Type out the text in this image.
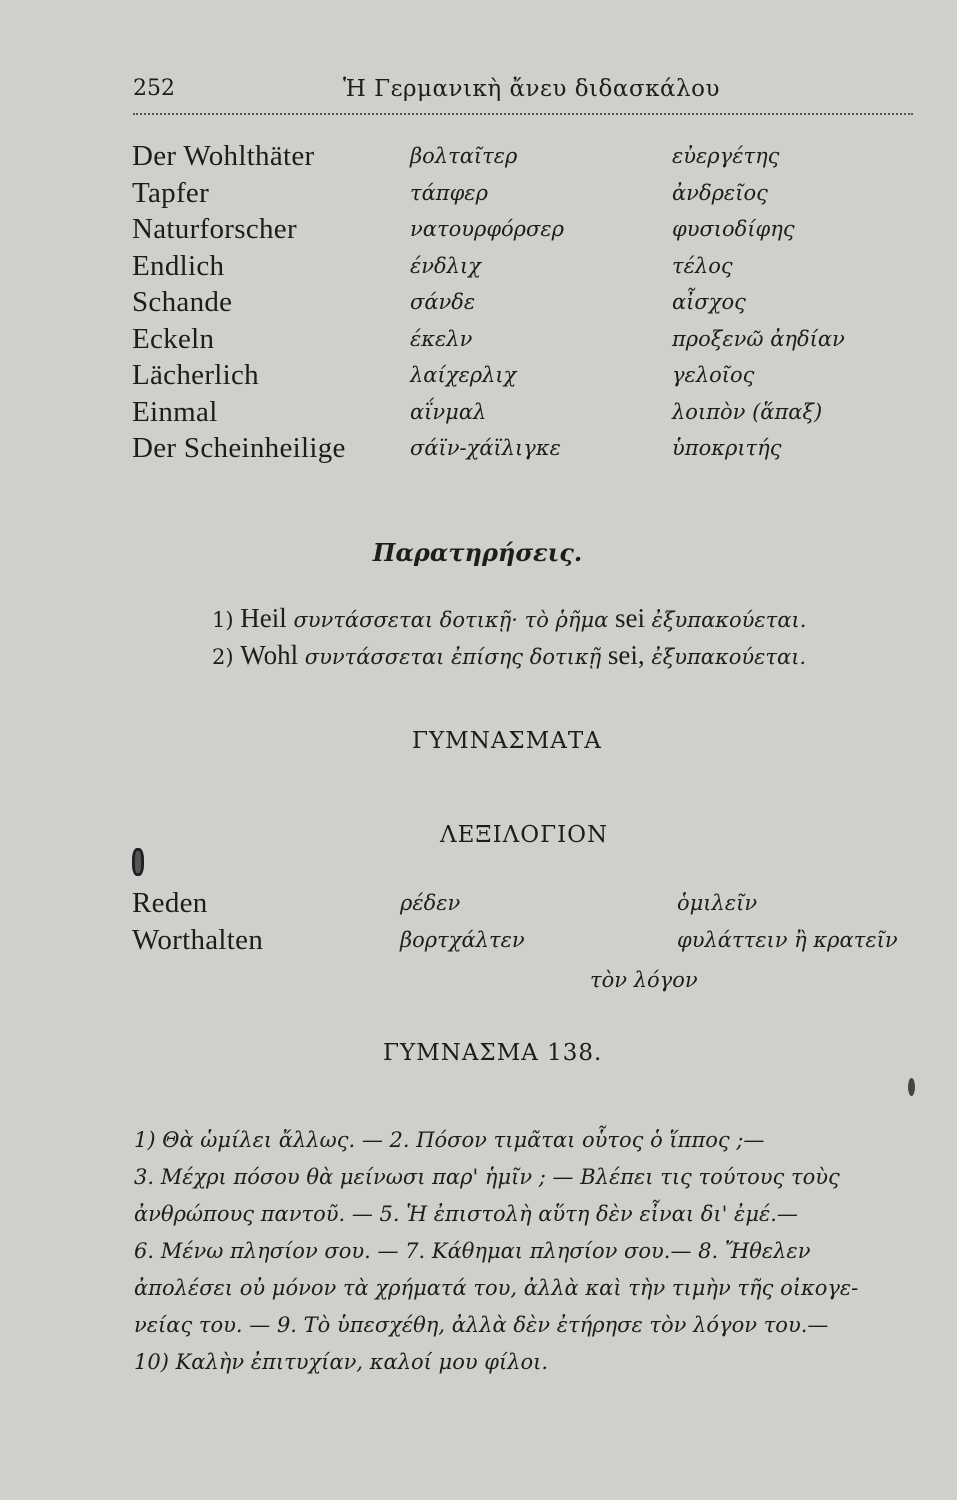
252	Ἡ Γερμανικὴ ἄνευ διδασκάλου
Der Wohlthäter	βολταῖτερ	εὐεργέτης
Tapfer	τάπφερ	ἀνδρεῖος
Naturforscher	νατουρφόρσερ	φυσιοδίφης
Endlich	ένδλιχ	τέλος
Schande	σάνδε	αἶσχος
Eckeln	έκελν	προξενῶ ἀηδίαν
Lächerlich	λαίχερλιχ	γελοῖος
Einmal	αΐνμαλ	λοιπὸν (ἅπαξ)
Der Scheinheilige	σάϊν-χάϊλιγκε	ὑποκριτής
Παρατηρήσεις.
1) Heil συντάσσεται δοτικῇ· τὸ ῥῆμα sei ἐξυπακούεται.
2) Wohl συντάσσεται ἐπίσης δοτικῇ sei, ἐξυπακούεται.
ΓΥΜΝΑΣΜΑΤΑ
ΛΕΞΙΛΟΓΙΟΝ
Reden	ρέδεν	ὁμιλεῖν
Worthalten	βορτχάλτεν	φυλάττειν ἢ κρατεῖν
τὸν λόγον
ΓΥΜΝΑΣΜΑ 138.
1) Θὰ ὡμίλει ἄλλως. — 2. Πόσον τιμᾶται οὗτος ὁ ἵππος ;—
3. Μέχρι πόσου θὰ μείνωσι παρ' ἡμῖν ; — Βλέπει τις τούτους τοὺς
ἀνθρώπους παντοῦ. — 5. Ἡ ἐπιστολὴ αὕτη δὲν εἶναι δι' ἐμέ.—
6. Μένω πλησίον σου. — 7. Κάθημαι πλησίον σου.— 8. Ἤθελεν
ἀπολέσει οὐ μόνον τὰ χρήματά του, ἀλλὰ καὶ τὴν τιμὴν τῆς οἰκογε-
νείας του. — 9. Τὸ ὑπεσχέθη, ἀλλὰ δὲν ἐτήρησε τὸν λόγον του.—
10) Καλὴν ἐπιτυχίαν, καλοί μου φίλοι.
